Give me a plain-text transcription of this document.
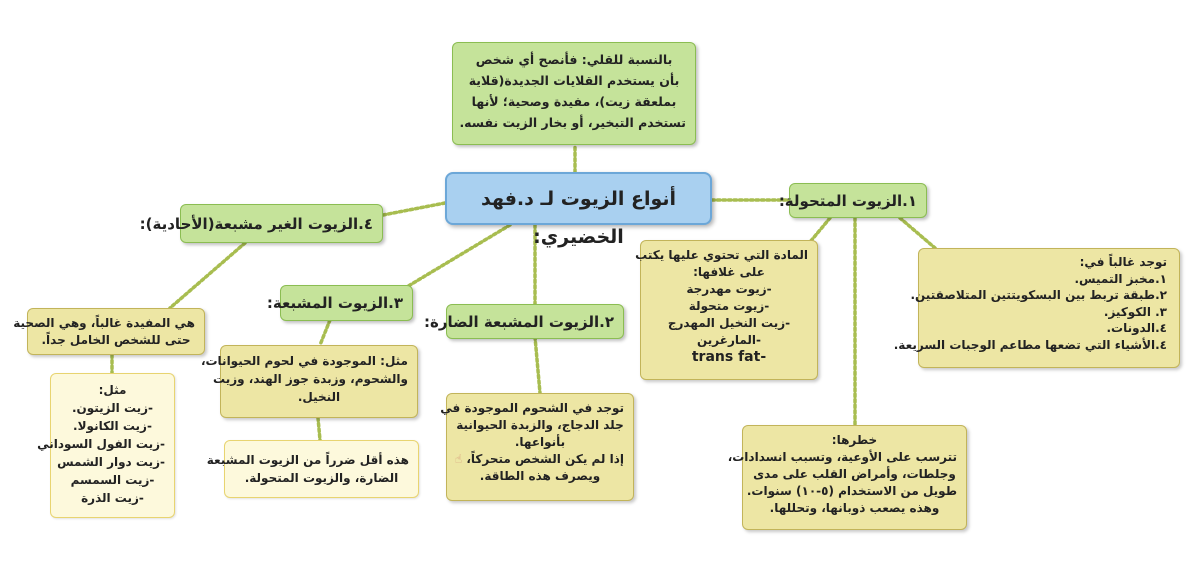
بالنسبة للقلي: فأنصح أي شخص
بأن يستخدم القلايات الجديدة(قلاية
بملعقة زيت)، مفيدة وصحية؛ لأنها
تستخدم التبخير، أو بخار الزيت نفسه.
أنواع الزيوت لـ د.فهد الخضيري:
١.الزيوت المتحولة:
٤.الزيوت الغير مشبعة(الأحادية):
٣.الزيوت المشبعة:
٢.الزيوت المشبعة الضارة:
توجد غالباً في:
١.مخبز التميس.
٢.طبقة تربط بين البسكويتتين المتلاصقتين.
٣. الكوكيز.
٤.الدونات.
٤.الأشياء التي تضعها مطاعم الوجبات السريعة.
المادة التي تحتوي عليها يكتب
على غلافها:
-زيوت مهدرجة
-زيوت متحولة
-زيت النخيل المهدرج
-المارغرين
-trans fat
خطرها:
تترسب على الأوعية، وتسبب انسدادات،
وجلطات، وأمراض القلب على مدى
طويل من الاستخدام (٥-١٠) سنوات.
وهذه يصعب ذوبانها، وتحللها.
توجد في الشحوم الموجودة في
جلد الدجاج، والزبدة الحيوانية
بأنواعها.
إذا لم يكن الشخص متحركاً، ☝
ويصرف هذه الطاقة.
مثل: الموجودة في لحوم الحيوانات،
والشحوم، وزبدة جوز الهند، وزيت
النخيل.
هذه أقل ضرراً من الزيوت المشبعة
الضارة، والزيوت المتحولة.
هي المفيدة غالباً، وهي الصحية
حتى للشخص الخامل جداً.
مثل:
-زيت الزيتون.
-زيت الكانولا.
-زيت الفول السوداني
-زيت دوار الشمس
-زيت السمسم
-زيت الذرة
